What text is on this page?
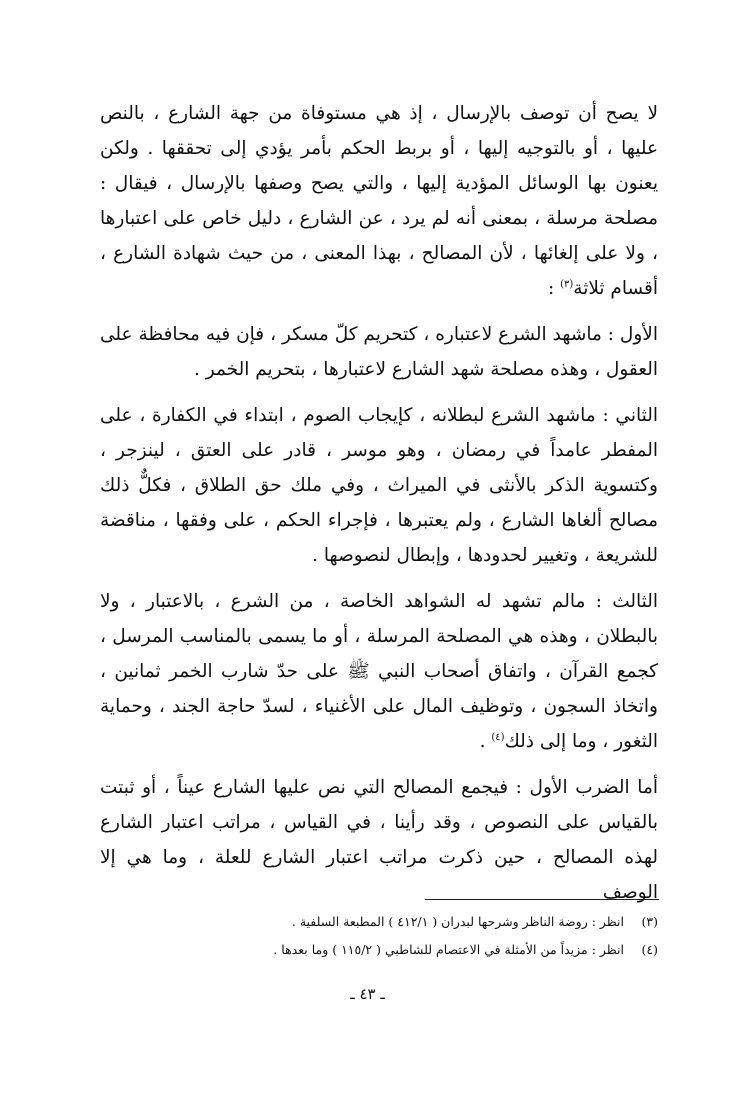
لا يصح أن توصف بالإرسال ، إذ هي مستوفاة من جهة الشارع ، بالنص عليها ، أو بالتوجيه إليها ، أو بربط الحكم بأمر يؤدي إلى تحققها . ولكن يعنون بها الوسائل المؤدية إليها ، والتي يصح وصفها بالإرسال ، فيقال : مصلحة مرسلة ، بمعنى أنه لم يرد ، عن الشارع ، دليل خاص على اعتبارها ، ولا على إلغائها ، لأن المصالح ، بهذا المعنى ، من حيث شهادة الشارع ، أقسام ثلاثة$^{(٣)}$ :

الأول : ماشهد الشرع لاعتباره ، كتحريم كلّ مسكر ، فإن فيه محافظة على العقول ، وهذه مصلحة شهد الشارع لاعتبارها ، بتحريم الخمر .

الثاني : ماشهد الشرع لبطلانه ، كإيجاب الصوم ، ابتداء في الكفارة ، على المفطر عامداً في رمضان ، وهو موسر ، قادر على العتق ، لينزجر ، وكتسوية الذكر بالأنثى في الميراث ، وفي ملك حق الطلاق ، فكلٌّ ذلك مصالح ألغاها الشارع ، ولم يعتبرها ، فإجراء الحكم ، على وفقها ، مناقضة للشريعة ، وتغيير لحدودها ، وإبطال لنصوصها .

الثالث : مالم تشهد له الشواهد الخاصة ، من الشرع ، بالاعتبار ، ولا بالبطلان ، وهذه هي المصلحة المرسلة ، أو ما يسمى بالمناسب المرسل ، كجمع القرآن ، واتفاق أصحاب النبي ﷺ على حدّ شارب الخمر ثمانين ، واتخاذ السجون ، وتوظيف المال على الأغنياء ، لسدّ حاجة الجند ، وحماية الثغور ، وما إلى ذلك$^{(٤)}$ .

أما الضرب الأول : فيجمع المصالح التي نص عليها الشارع عيناً ، أو ثبتت بالقياس على النصوص ، وقد رأينا ، في القياس ، مراتب اعتبار الشارع لهذه المصالح ، حين ذكرت مراتب اعتبار الشارع للعلة ، وما هي إلا الوصف

(٣)انظر : روضة الناظر وشرحها لبدران ( ٤١٢/١ ) المطبعة السلفية .

(٤)انظر : مزيداً من الأمثلة في الاعتصام للشاطبي ( ١١٥/٢ ) وما بعدها .

ـ ٤٣ ـ
